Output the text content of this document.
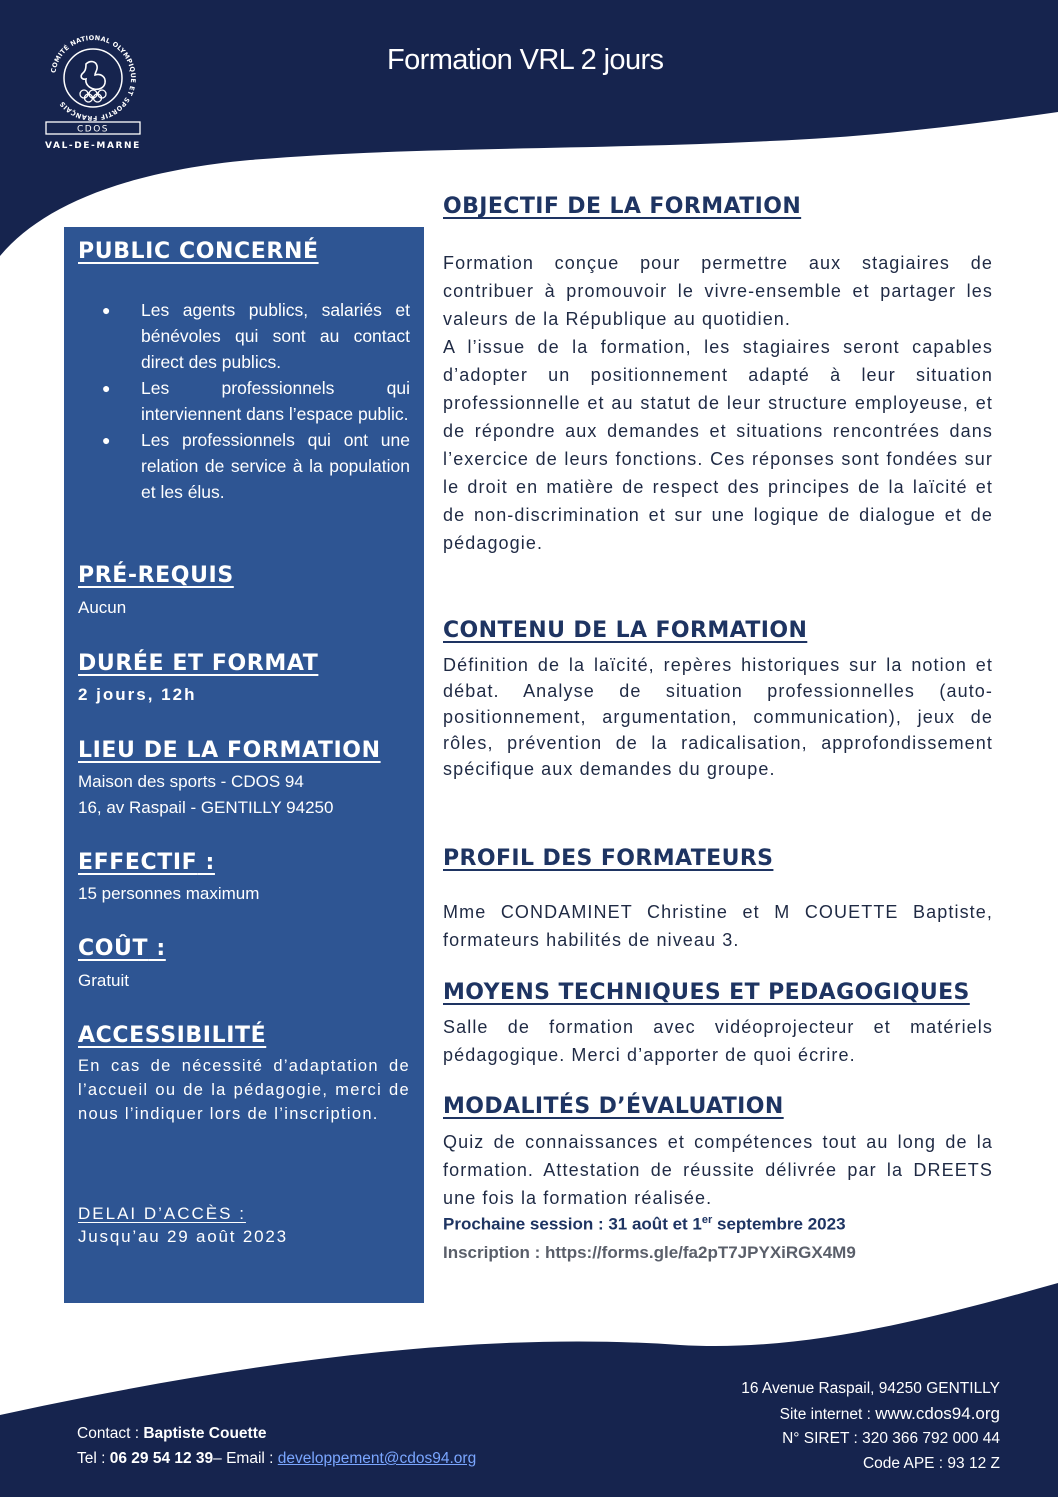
COMITÉ NATIONAL OLYMPIQUE ET SPORTIF FRANÇAIS
CDOS
VAL-DE-MARNE
Formation VRL 2 jours
PUBLIC CONCERNÉ
● Les agents publics, salariés et bénévoles qui sont au contact direct des publics.
● Les professionnels qui interviennent dans l’espace public.
● Les professionnels qui ont une relation de service à la population et les élus.
PRÉ-REQUIS
Aucun
DURÉE ET FORMAT
2 jours, 12h
LIEU DE LA FORMATION
Maison des sports - CDOS 94
16, av Raspail - GENTILLY 94250
EFFECTIF :
15 personnes maximum
COÛT :
Gratuit
ACCESSIBILITÉ
En cas de nécessité d’adaptation de l’accueil ou de la pédagogie, merci de nous l’indiquer lors de l’inscription.
DELAI D’ACCÈS :
Jusqu’au 29 août 2023
OBJECTIF DE LA FORMATION

Formation conçue pour permettre aux stagiaires de contribuer à promouvoir le vivre-ensemble et partager les valeurs de la République au quotidien.

A l’issue de la formation, les stagiaires seront capables d’adopter un positionnement adapté à leur situation professionnelle et au statut de leur structure employeuse, et de répondre aux demandes et situations rencontrées dans l’exercice de leurs fonctions. Ces réponses sont fondées sur le droit en matière de respect des principes de la laïcité et de non-discrimination et sur une logique de dialogue et de pédagogie.

CONTENU DE LA FORMATION

Définition de la laïcité, repères historiques sur la notion et débat. Analyse de situation professionnelles (auto-positionnement, argumentation, communication), jeux de rôles, prévention de la radicalisation, approfondissement spécifique aux demandes du groupe.

PROFIL DES FORMATEURS

Mme CONDAMINET Christine et M COUETTE Baptiste, formateurs habilités de niveau 3.

MOYENS TECHNIQUES ET PEDAGOGIQUES

Salle de formation avec vidéoprojecteur et matériels pédagogique. Merci d’apporter de quoi écrire.

MODALITÉS D’ÉVALUATION

Quiz de connaissances et compétences tout au long de la formation. Attestation de réussite délivrée par la DREETS une fois la formation réalisée.

Prochaine session : 31 août et 1er septembre 2023
Inscription : https://forms.gle/fa2pT7JPYXiRGX4M9
16 Avenue Raspail, 94250 GENTILLY
Site internet : www.cdos94.org
N° SIRET : 320 366 792 000 44
Code APE : 93 12 Z
Contact : Baptiste Couette
Tel : 06 29 54 12 39– Email : developpement@cdos94.org
